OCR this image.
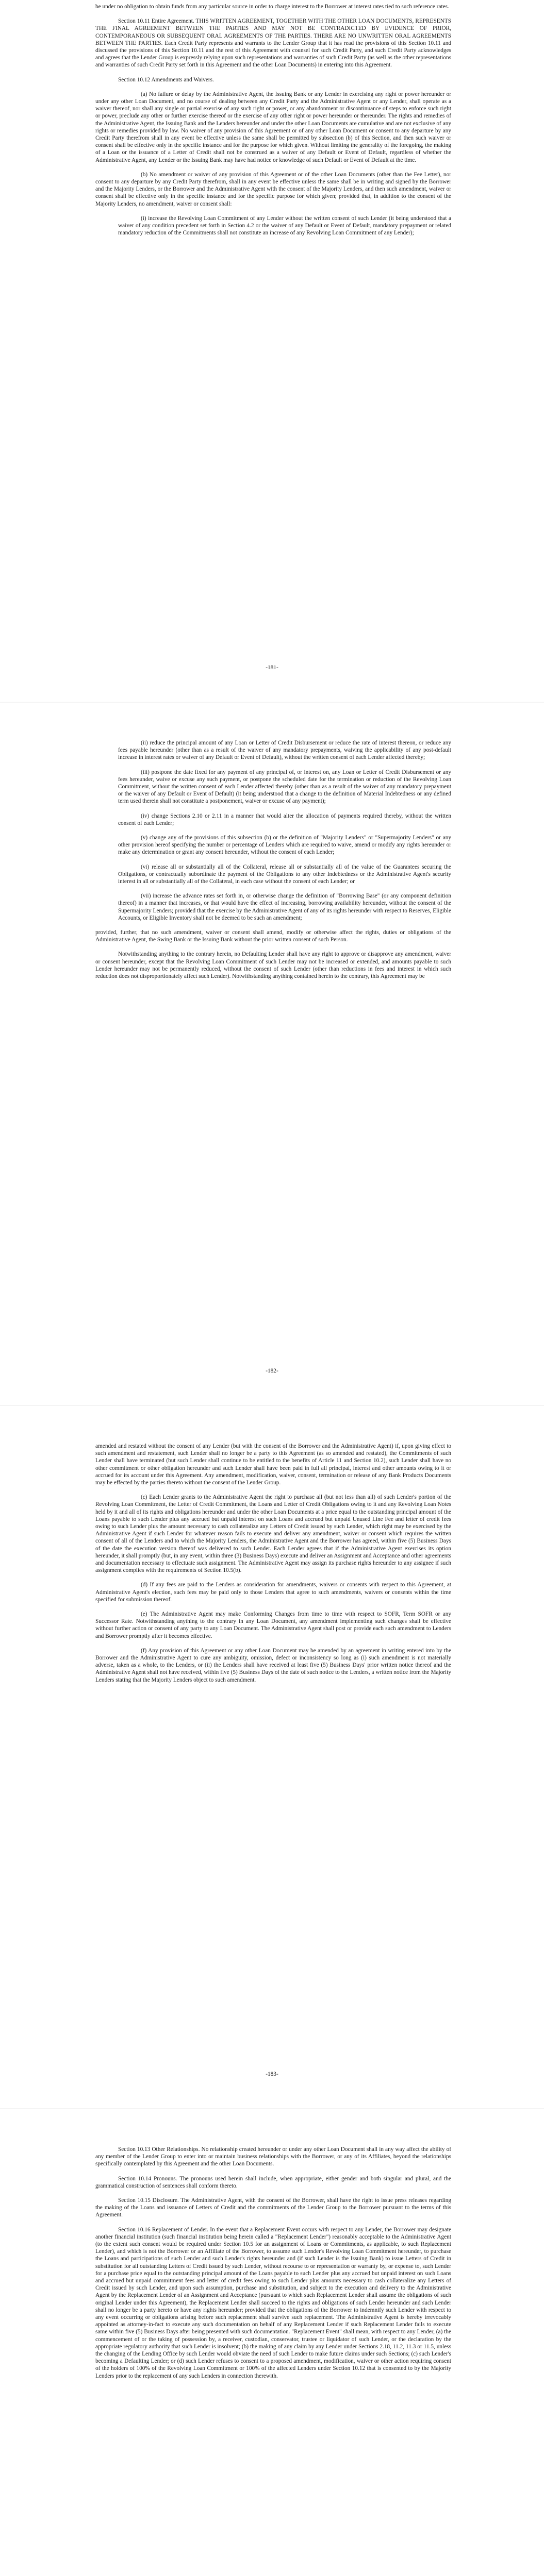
be under no obligation to obtain funds from any particular source in order to charge interest to the Borrower at interest rates tied to such reference rates.

Section 10.11 Entire Agreement. THIS WRITTEN AGREEMENT, TOGETHER WITH THE OTHER LOAN DOCUMENTS, REPRESENTS THE FINAL AGREEMENT BETWEEN THE PARTIES AND MAY NOT BE CONTRADICTED BY EVIDENCE OF PRIOR, CONTEMPORANEOUS OR SUBSEQUENT ORAL AGREEMENTS OF THE PARTIES. THERE ARE NO UNWRITTEN ORAL AGREEMENTS BETWEEN THE PARTIES. Each Credit Party represents and warrants to the Lender Group that it has read the provisions of this Section 10.11 and discussed the provisions of this Section 10.11 and the rest of this Agreement with counsel for such Credit Party, and such Credit Party acknowledges and agrees that the Lender Group is expressly relying upon such representations and warranties of such Credit Party (as well as the other representations and warranties of such Credit Party set forth in this Agreement and the other Loan Documents) in entering into this Agreement.

Section 10.12 Amendments and Waivers.

(a) No failure or delay by the Administrative Agent, the Issuing Bank or any Lender in exercising any right or power hereunder or under any other Loan Document, and no course of dealing between any Credit Party and the Administrative Agent or any Lender, shall operate as a waiver thereof, nor shall any single or partial exercise of any such right or power, or any abandonment or discontinuance of steps to enforce such right or power, preclude any other or further exercise thereof or the exercise of any other right or power hereunder or thereunder. The rights and remedies of the Administrative Agent, the Issuing Bank and the Lenders hereunder and under the other Loan Documents are cumulative and are not exclusive of any rights or remedies provided by law. No waiver of any provision of this Agreement or of any other Loan Document or consent to any departure by any Credit Party therefrom shall in any event be effective unless the same shall be permitted by subsection (b) of this Section, and then such waiver or consent shall be effective only in the specific instance and for the purpose for which given. Without limiting the generality of the foregoing, the making of a Loan or the issuance of a Letter of Credit shall not be construed as a waiver of any Default or Event of Default, regardless of whether the Administrative Agent, any Lender or the Issuing Bank may have had notice or knowledge of such Default or Event of Default at the time.

(b) No amendment or waiver of any provision of this Agreement or of the other Loan Documents (other than the Fee Letter), nor consent to any departure by any Credit Party therefrom, shall in any event be effective unless the same shall be in writing and signed by the Borrower and the Majority Lenders, or the Borrower and the Administrative Agent with the consent of the Majority Lenders, and then such amendment, waiver or consent shall be effective only in the specific instance and for the specific purpose for which given; provided that, in addition to the consent of the Majority Lenders, no amendment, waiver or consent shall:

(i) increase the Revolving Loan Commitment of any Lender without the written consent of such Lender (it being understood that a waiver of any condition precedent set forth in Section 4.2 or the waiver of any Default or Event of Default, mandatory prepayment or related mandatory reduction of the Commitments shall not constitute an increase of any Revolving Loan Commitment of any Lender);

-181-

(ii) reduce the principal amount of any Loan or Letter of Credit Disbursement or reduce the rate of interest thereon, or reduce any fees payable hereunder (other than as a result of the waiver of any mandatory prepayments, waiving the applicability of any post-default increase in interest rates or waiver of any Default or Event of Default), without the written consent of each Lender affected thereby;

(iii) postpone the date fixed for any payment of any principal of, or interest on, any Loan or Letter of Credit Disbursement or any fees hereunder, waive or excuse any such payment, or postpone the scheduled date for the termination or reduction of the Revolving Loan Commitment, without the written consent of each Lender affected thereby (other than as a result of the waiver of any mandatory prepayment or the waiver of any Default or Event of Default) (it being understood that a change to the definition of Material Indebtedness or any defined term used therein shall not constitute a postponement, waiver or excuse of any payment);

(iv) change Sections 2.10 or 2.11 in a manner that would alter the allocation of payments required thereby, without the written consent of each Lender;

(v) change any of the provisions of this subsection (b) or the definition of "Majority Lenders" or "Supermajority Lenders" or any other provision hereof specifying the number or percentage of Lenders which are required to waive, amend or modify any rights hereunder or make any determination or grant any consent hereunder, without the consent of each Lender;

(vi) release all or substantially all of the Collateral, release all or substantially all of the value of the Guarantees securing the Obligations, or contractually subordinate the payment of the Obligations to any other Indebtedness or the Administrative Agent's security interest in all or substantially all of the Collateral, in each case without the consent of each Lender; or

(vii) increase the advance rates set forth in, or otherwise change the definition of "Borrowing Base" (or any component definition thereof) in a manner that increases, or that would have the effect of increasing, borrowing availability hereunder, without the consent of the Supermajority Lenders; provided that the exercise by the Administrative Agent of any of its rights hereunder with respect to Reserves, Eligible Accounts, or Eligible Inventory shall not be deemed to be such an amendment;

provided, further, that no such amendment, waiver or consent shall amend, modify or otherwise affect the rights, duties or obligations of the Administrative Agent, the Swing Bank or the Issuing Bank without the prior written consent of such Person.

Notwithstanding anything to the contrary herein, no Defaulting Lender shall have any right to approve or disapprove any amendment, waiver or consent hereunder, except that the Revolving Loan Commitment of such Lender may not be increased or extended, and amounts payable to such Lender hereunder may not be permanently reduced, without the consent of such Lender (other than reductions in fees and interest in which such reduction does not disproportionately affect such Lender). Notwithstanding anything contained herein to the contrary, this Agreement may be

-182-

amended and restated without the consent of any Lender (but with the consent of the Borrower and the Administrative Agent) if, upon giving effect to such amendment and restatement, such Lender shall no longer be a party to this Agreement (as so amended and restated), the Commitments of such Lender shall have terminated (but such Lender shall continue to be entitled to the benefits of Article 11 and Section 10.2), such Lender shall have no other commitment or other obligation hereunder and such Lender shall have been paid in full all principal, interest and other amounts owing to it or accrued for its account under this Agreement. Any amendment, modification, waiver, consent, termination or release of any Bank Products Documents may be effected by the parties thereto without the consent of the Lender Group.

(c) Each Lender grants to the Administrative Agent the right to purchase all (but not less than all) of such Lender's portion of the Revolving Loan Commitment, the Letter of Credit Commitment, the Loans and Letter of Credit Obligations owing to it and any Revolving Loan Notes held by it and all of its rights and obligations hereunder and under the other Loan Documents at a price equal to the outstanding principal amount of the Loans payable to such Lender plus any accrued but unpaid interest on such Loans and accrued but unpaid Unused Line Fee and letter of credit fees owing to such Lender plus the amount necessary to cash collateralize any Letters of Credit issued by such Lender, which right may be exercised by the Administrative Agent if such Lender for whatever reason fails to execute and deliver any amendment, waiver or consent which requires the written consent of all of the Lenders and to which the Majority Lenders, the Administrative Agent and the Borrower has agreed, within five (5) Business Days of the date the execution version thereof was delivered to such Lender. Each Lender agrees that if the Administrative Agent exercises its option hereunder, it shall promptly (but, in any event, within three (3) Business Days) execute and deliver an Assignment and Acceptance and other agreements and documentation necessary to effectuate such assignment. The Administrative Agent may assign its purchase rights hereunder to any assignee if such assignment complies with the requirements of Section 10.5(b).

(d) If any fees are paid to the Lenders as consideration for amendments, waivers or consents with respect to this Agreement, at Administrative Agent's election, such fees may be paid only to those Lenders that agree to such amendments, waivers or consents within the time specified for submission thereof.

(e) The Administrative Agent may make Conforming Changes from time to time with respect to SOFR, Term SOFR or any Successor Rate. Notwithstanding anything to the contrary in any Loan Document, any amendment implementing such changes shall be effective without further action or consent of any party to any Loan Document. The Administrative Agent shall post or provide each such amendment to Lenders and Borrower promptly after it becomes effective.

(f) Any provision of this Agreement or any other Loan Document may be amended by an agreement in writing entered into by the Borrower and the Administrative Agent to cure any ambiguity, omission, defect or inconsistency so long as (i) such amendment is not materially adverse, taken as a whole, to the Lenders, or (ii) the Lenders shall have received at least five (5) Business Days' prior written notice thereof and the Administrative Agent shall not have received, within five (5) Business Days of the date of such notice to the Lenders, a written notice from the Majority Lenders stating that the Majority Lenders object to such amendment.

-183-

Section 10.13 Other Relationships. No relationship created hereunder or under any other Loan Document shall in any way affect the ability of any member of the Lender Group to enter into or maintain business relationships with the Borrower, or any of its Affiliates, beyond the relationships specifically contemplated by this Agreement and the other Loan Documents.

Section 10.14 Pronouns. The pronouns used herein shall include, when appropriate, either gender and both singular and plural, and the grammatical construction of sentences shall conform thereto.

Section 10.15 Disclosure. The Administrative Agent, with the consent of the Borrower, shall have the right to issue press releases regarding the making of the Loans and issuance of Letters of Credit and the commitments of the Lender Group to the Borrower pursuant to the terms of this Agreement.

Section 10.16 Replacement of Lender. In the event that a Replacement Event occurs with respect to any Lender, the Borrower may designate another financial institution (such financial institution being herein called a "Replacement Lender") reasonably acceptable to the Administrative Agent (to the extent such consent would be required under Section 10.5 for an assignment of Loans or Commitments, as applicable, to such Replacement Lender), and which is not the Borrower or an Affiliate of the Borrower, to assume such Lender's Revolving Loan Commitment hereunder, to purchase the Loans and participations of such Lender and such Lender's rights hereunder and (if such Lender is the Issuing Bank) to issue Letters of Credit in substitution for all outstanding Letters of Credit issued by such Lender, without recourse to or representation or warranty by, or expense to, such Lender for a purchase price equal to the outstanding principal amount of the Loans payable to such Lender plus any accrued but unpaid interest on such Loans and accrued but unpaid commitment fees and letter of credit fees owing to such Lender plus amounts necessary to cash collateralize any Letters of Credit issued by such Lender, and upon such assumption, purchase and substitution, and subject to the execution and delivery to the Administrative Agent by the Replacement Lender of an Assignment and Acceptance (pursuant to which such Replacement Lender shall assume the obligations of such original Lender under this Agreement), the Replacement Lender shall succeed to the rights and obligations of such Lender hereunder and such Lender shall no longer be a party hereto or have any rights hereunder; provided that the obligations of the Borrower to indemnify such Lender with respect to any event occurring or obligations arising before such replacement shall survive such replacement. The Administrative Agent is hereby irrevocably appointed as attorney-in-fact to execute any such documentation on behalf of any Replacement Lender if such Replacement Lender fails to execute same within five (5) Business Days after being presented with such documentation. "Replacement Event" shall mean, with respect to any Lender, (a) the commencement of or the taking of possession by, a receiver, custodian, conservator, trustee or liquidator of such Lender, or the declaration by the appropriate regulatory authority that such Lender is insolvent; (b) the making of any claim by any Lender under Sections 2.18, 11.2, 11.3 or 11.5, unless the changing of the Lending Office by such Lender would obviate the need of such Lender to make future claims under such Sections; (c) such Lender's becoming a Defaulting Lender; or (d) such Lender refuses to consent to a proposed amendment, modification, waiver or other action requiring consent of the holders of 100% of the Revolving Loan Commitment or 100% of the affected Lenders under Section 10.12 that is consented to by the Majority Lenders prior to the replacement of any such Lenders in connection therewith.
